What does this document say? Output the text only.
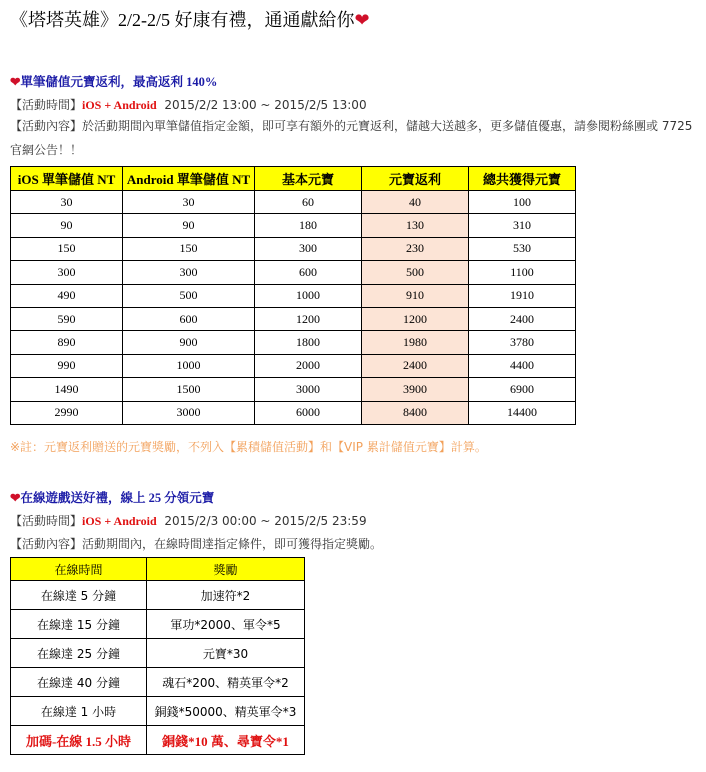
《塔塔英雄》2/2-2/5 好康有禮，通通獻給你❤
❤單筆儲值元寶返利，最高返利 140%
【活動時間】iOS + Android 2015/2/2 13:00 ~ 2015/2/5 13:00
【活動內容】於活動期間內單筆儲值指定金額，即可享有額外的元寶返利，儲越大送越多，更多儲值優惠，請參閱粉絲團或 7725 官網公告！！
iOS 單筆儲值 NT	Android 單筆儲值 NT	基本元寶	元寶返利	總共獲得元寶
30	30	60	40	100
90	90	180	130	310
150	150	300	230	530
300	300	600	500	1100
490	500	1000	910	1910
590	600	1200	1200	2400
890	900	1800	1980	3780
990	1000	2000	2400	4400
1490	1500	3000	3900	6900
2990	3000	6000	8400	14400
※註：元寶返利贈送的元寶獎勵，不列入【累積儲值活動】和【VIP 累計儲值元寶】計算。
❤在線遊戲送好禮，線上 25 分領元寶
【活動時間】iOS + Android 2015/2/3 00:00 ~ 2015/2/5 23:59
【活動內容】活動期間內，在線時間達指定條件，即可獲得指定獎勵。
在線時間	獎勵
在線達 5 分鐘	加速符*2
在線達 15 分鐘	軍功*2000、軍令*5
在線達 25 分鐘	元寶*30
在線達 40 分鐘	魂石*200、精英軍令*2
在線達 1 小時	銅錢*50000、精英軍令*3
加碼-在線 1.5 小時	銅錢*10 萬、尋寶令*1
